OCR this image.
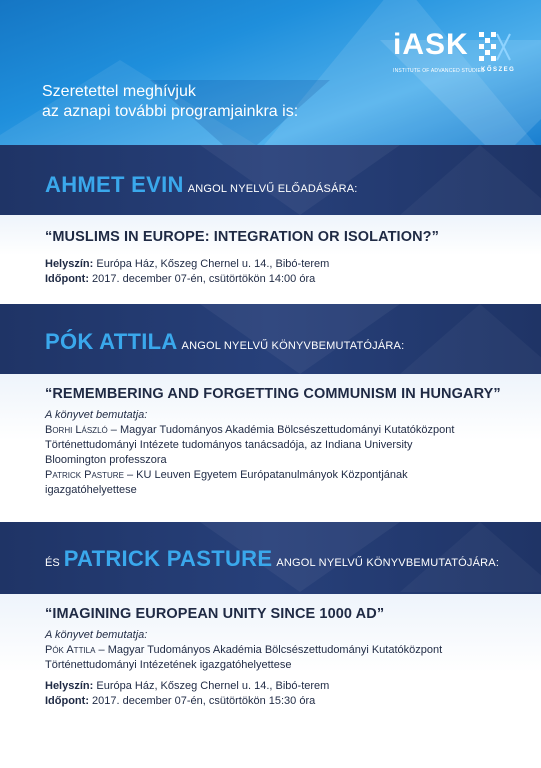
Szeretettel meghívjuk
az aznapi további programjainkra is:
iASK
INSTITUTE OF ADVANCED STUDIES
KŐSZEG
AHMET EVIN ANGOL NYELVŰ ELŐADÁSÁRA:
“MUSLIMS IN EUROPE: INTEGRATION OR ISOLATION?”
Helyszín: Európa Ház, Kőszeg Chernel u. 14., Bibó-terem
Időpont: 2017. december 07-én, csütörtökön 14:00 óra
PÓK ATTILA ANGOL NYELVŰ KÖNYVBEMUTATÓJÁRA:
“REMEMBERING AND FORGETTING COMMUNISM IN HUNGARY”
A könyvet bemutatja:
Borhi László – Magyar Tudományos Akadémia Bölcsészettudományi Kutatóközpont
Történettudományi Intézete tudományos tanácsadója, az Indiana University
Bloomington professzora
Patrick Pasture – KU Leuven Egyetem Európatanulmányok Központjának
igazgatóhelyettese
ÉS PATRICK PASTURE ANGOL NYELVŰ KÖNYVBEMUTATÓJÁRA:
“IMAGINING EUROPEAN UNITY SINCE 1000 AD”
A könyvet bemutatja:
Pók Attila – Magyar Tudományos Akadémia Bölcsészettudományi Kutatóközpont
Történettudományi Intézetének igazgatóhelyettese
Helyszín: Európa Ház, Kőszeg Chernel u. 14., Bibó-terem
Időpont: 2017. december 07-én, csütörtökön 15:30 óra
